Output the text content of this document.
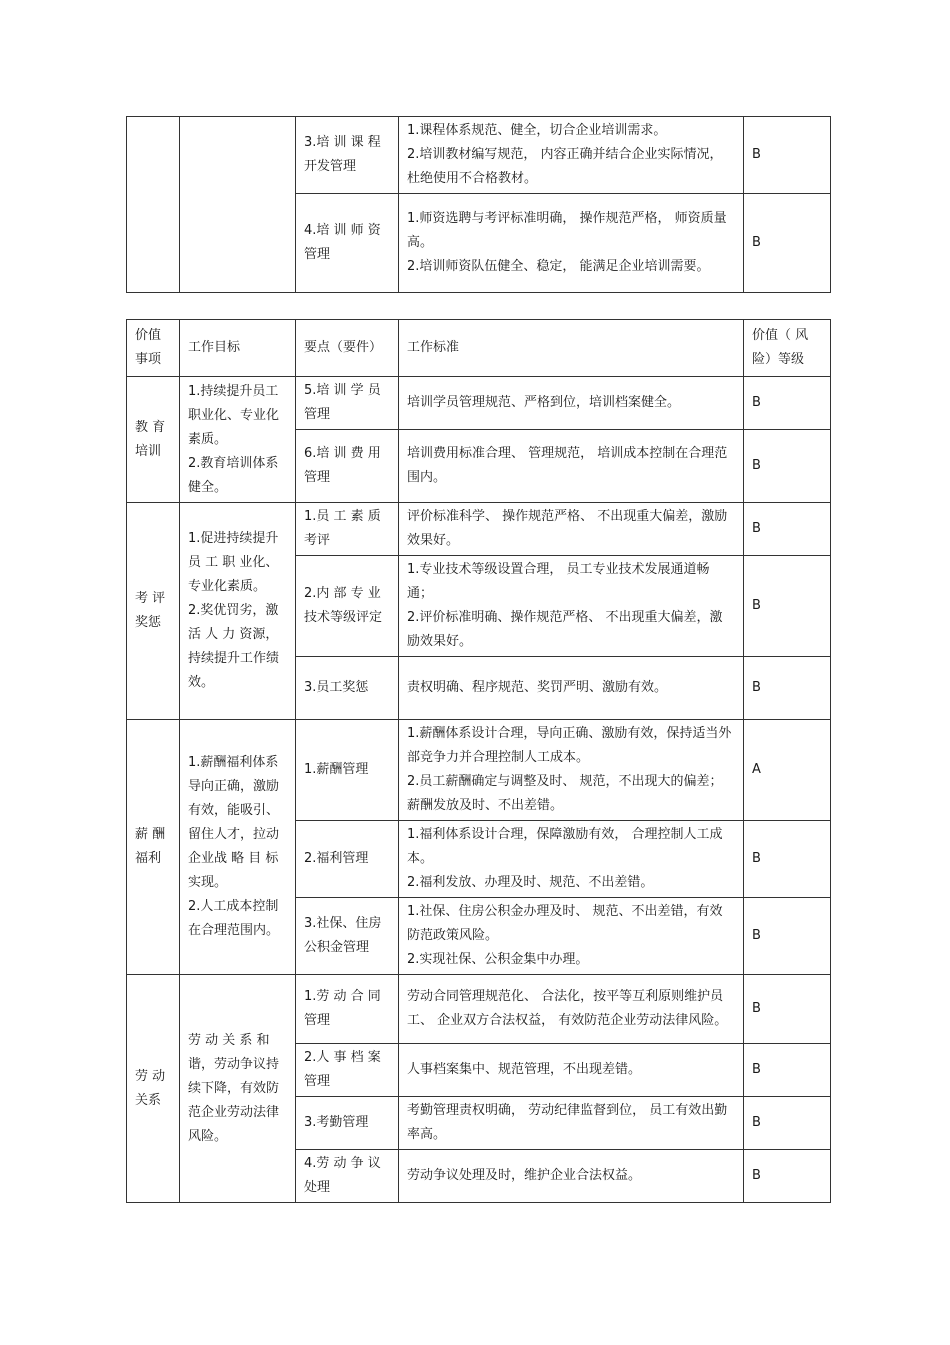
		3.培 训 课 程 开发管理	1.课程体系规范、健全，切合企业培训需求。
2.培训教材编写规范， 内容正确并结合企业实际情况，杜绝使用不合格教材。	B
		4.培 训 师 资 管理	1.师资选聘与考评标准明确， 操作规范严格， 师资质量高。
2.培训师资队伍健全、稳定， 能满足企业培训需要。	B
价值事项	工作目标	要点（要件）	工作标准	价值（ 风险）等级
教 育 培训	1.持续提升员工职业化、专业化素质。
2.教育培训体系健全。	5.培 训 学 员 管理	培训学员管理规范、严格到位，培训档案健全。	B
		6.培 训 费 用 管理	培训费用标准合理、 管理规范， 培训成本控制在合理范围内。	B
考 评 奖惩	1.促进持续提升 员 工 职 业化、专业化素质。
2.奖优罚劣，激 活 人 力 资源，持续提升工作绩效。	1.员 工 素 质 考评	评价标准科学、 操作规范严格、 不出现重大偏差，激励效果好。	B
		2.内 部 专 业 技术等级评定	1.专业技术等级设置合理， 员工专业技术发展通道畅通；
2.评价标准明确、操作规范严格、 不出现重大偏差，激励效果好。	B
		3.员工奖惩	责权明确、程序规范、奖罚严明、激励有效。	B
薪 酬 福利	1.薪酬福利体系导向正确，激励有效，能吸引、留住人才，拉动企业战 略 目 标 实现。
2.人工成本控制在合理范围内。	1.薪酬管理	1.薪酬体系设计合理，导向正确、激励有效，保持适当外部竞争力并合理控制人工成本。
2.员工薪酬确定与调整及时、 规范，不出现大的偏差；薪酬发放及时、不出差错。	A
		2.福利管理	1.福利体系设计合理，保障激励有效， 合理控制人工成本。
2.福利发放、办理及时、规范、不出差错。	B
		3.社保、住房公积金管理	1.社保、住房公积金办理及时、 规范、不出差错，有效防范政策风险。
2.实现社保、公积金集中办理。	B
劳 动 关系	劳 动 关 系 和谐，劳动争议持续下降，有效防范企业劳动法律风险。	1.劳 动 合 同 管理	劳动合同管理规范化、 合法化，按平等互利原则维护员工、 企业双方合法权益， 有效防范企业劳动法律风险。	B
		2.人 事 档 案 管理	人事档案集中、规范管理，不出现差错。	B
		3.考勤管理	考勤管理责权明确， 劳动纪律监督到位， 员工有效出勤率高。	B
		4.劳 动 争 议 处理	劳动争议处理及时，维护企业合法权益。	B
